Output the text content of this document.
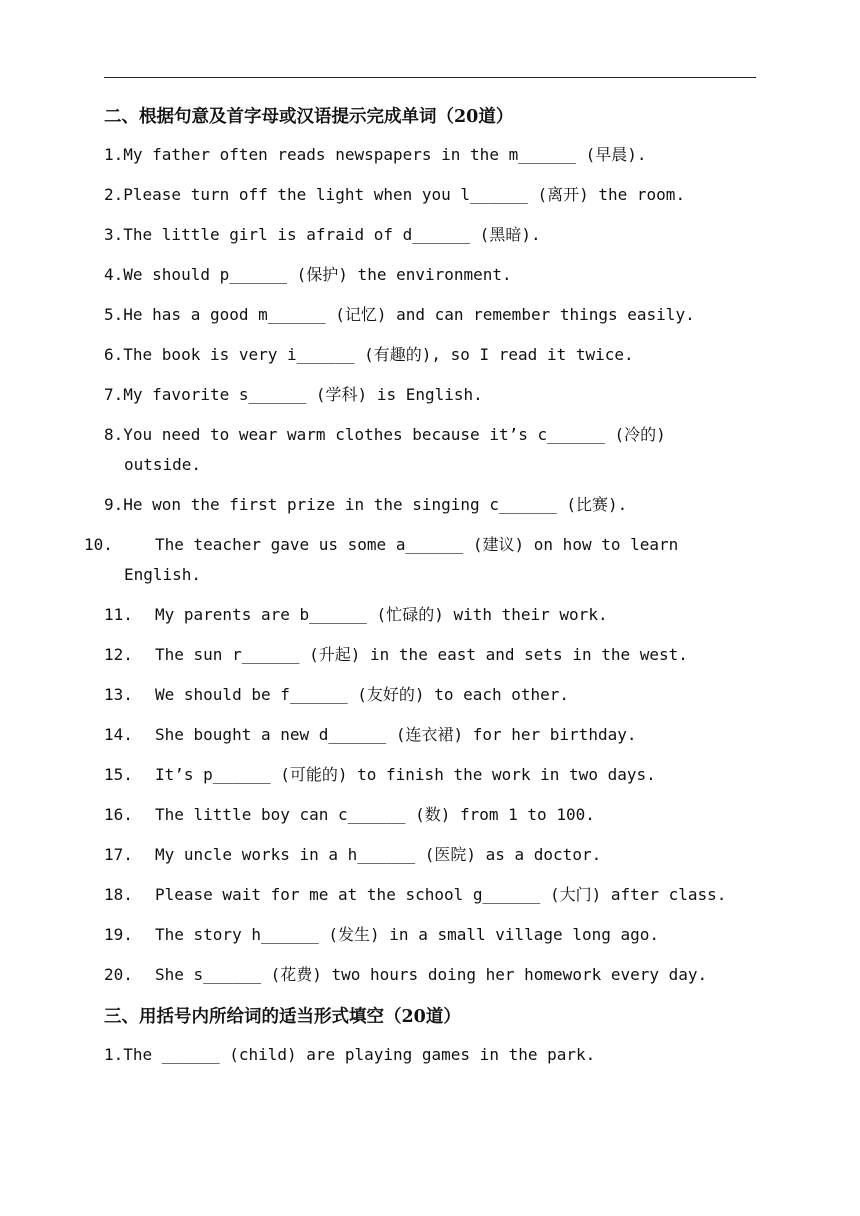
二、根据句意及首字母或汉语提示完成单词（20道）
1.My father often reads newspapers in the m______ (早晨).
2.Please turn off the light when you l______ (离开) the room.
3.The little girl is afraid of d______ (黑暗).
4.We should p______ (保护) the environment.
5.He has a good m______ (记忆) and can remember things easily.
6.The book is very i______ (有趣的), so I read it twice.
7.My favorite s______ (学科) is English.
8.You need to wear warm clothes because it’s c______ (冷的) outside.
9.He won the first prize in the singing c______ (比赛).
10.	The teacher gave us some a______ (建议) on how to learn English.
11. My parents are b______ (忙碌的) with their work.
12. The sun r______ (升起) in the east and sets in the west.
13. We should be f______ (友好的) to each other.
14. She bought a new d______ (连衣裙) for her birthday.
15. It’s p______ (可能的) to finish the work in two days.
16. The little boy can c______ (数) from 1 to 100.
17. My uncle works in a h______ (医院) as a doctor.
18. Please wait for me at the school g______ (大门) after class.
19. The story h______ (发生) in a small village long ago.
20. She s______ (花费) two hours doing her homework every day.
三、用括号内所给词的适当形式填空（20道）
1.The ______ (child) are playing games in the park.
